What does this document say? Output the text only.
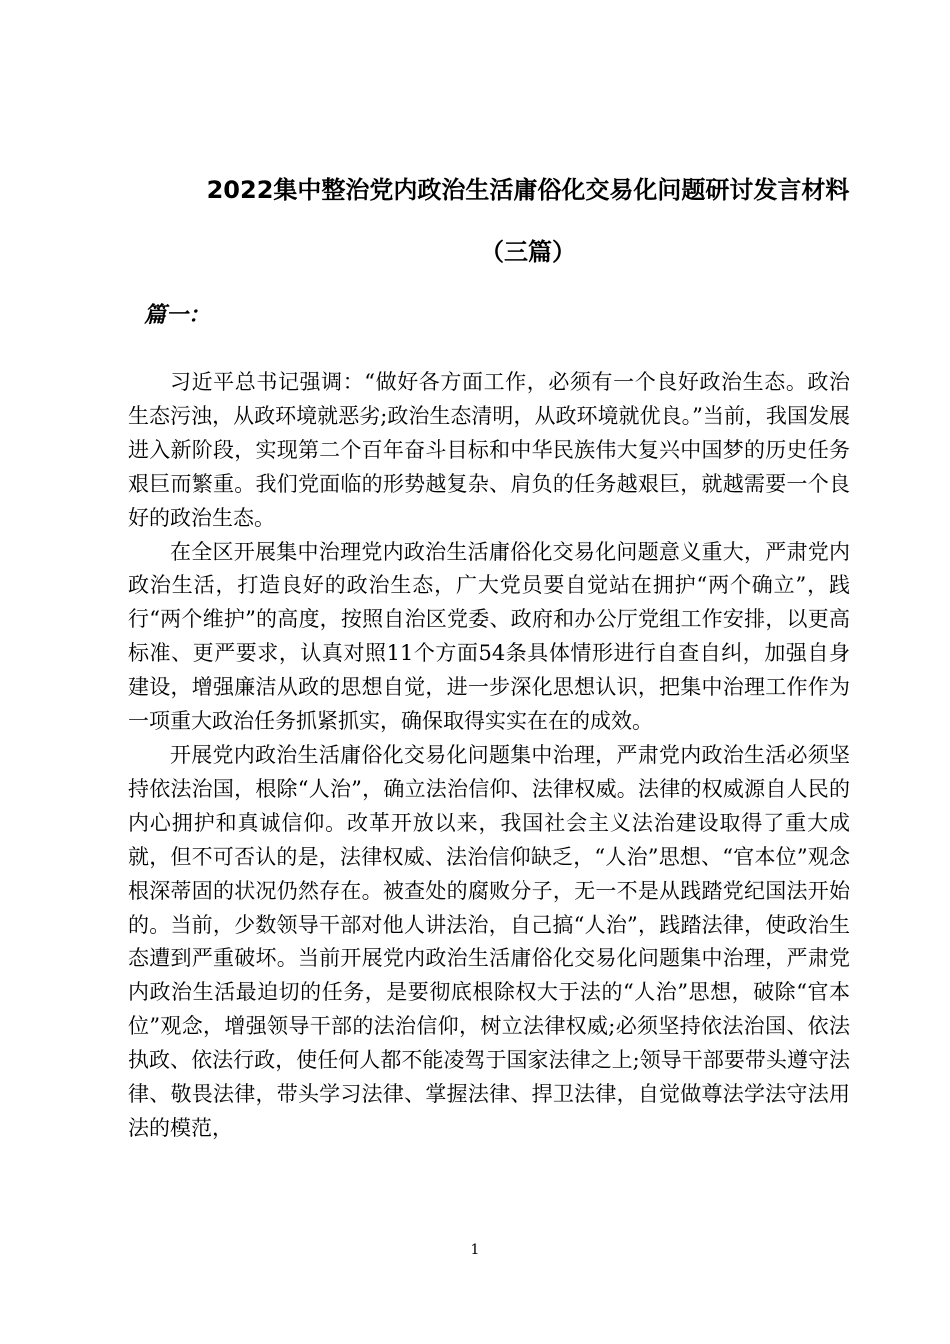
2022集中整治党内政治生活庸俗化交易化问题研讨发言材料
（三篇）
篇一：

习近平总书记强调：“做好各方面工作，必须有一个良好政治生态。政治生态污浊，从政环境就恶劣;政治生态清明，从政环境就优良。”当前，我国发展进入新阶段，实现第二个百年奋斗目标和中华民族伟大复兴中国梦的历史任务艰巨而繁重。我们党面临的形势越复杂、肩负的任务越艰巨，就越需要一个良好的政治生态。

在全区开展集中治理党内政治生活庸俗化交易化问题意义重大，严肃党内政治生活，打造良好的政治生态，广大党员要自觉站在拥护“两个确立”，践行“两个维护”的高度，按照自治区党委、政府和办公厅党组工作安排，以更高标准、更严要求，认真对照11个方面54条具体情形进行自查自纠，加强自身建设，增强廉洁从政的思想自觉，进一步深化思想认识，把集中治理工作作为一项重大政治任务抓紧抓实，确保取得实实在在的成效。

开展党内政治生活庸俗化交易化问题集中治理，严肃党内政治生活必须坚持依法治国，根除“人治”，确立法治信仰、法律权威。法律的权威源自人民的内心拥护和真诚信仰。改革开放以来，我国社会主义法治建设取得了重大成就，但不可否认的是，法律权威、法治信仰缺乏，“人治”思想、“官本位”观念根深蒂固的状况仍然存在。被查处的腐败分子，无一不是从践踏党纪国法开始的。当前，少数领导干部对他人讲法治，自己搞“人治”，践踏法律，使政治生态遭到严重破坏。当前开展党内政治生活庸俗化交易化问题集中治理，严肃党内政治生活最迫切的任务，是要彻底根除权大于法的“人治”思想，破除“官本位”观念，增强领导干部的法治信仰，树立法律权威;必须坚持依法治国、依法执政、依法行政，使任何人都不能凌驾于国家法律之上;领导干部要带头遵守法律、敬畏法律，带头学习法律、掌握法律、捍卫法律，自觉做尊法学法守法用法的模范，

1
